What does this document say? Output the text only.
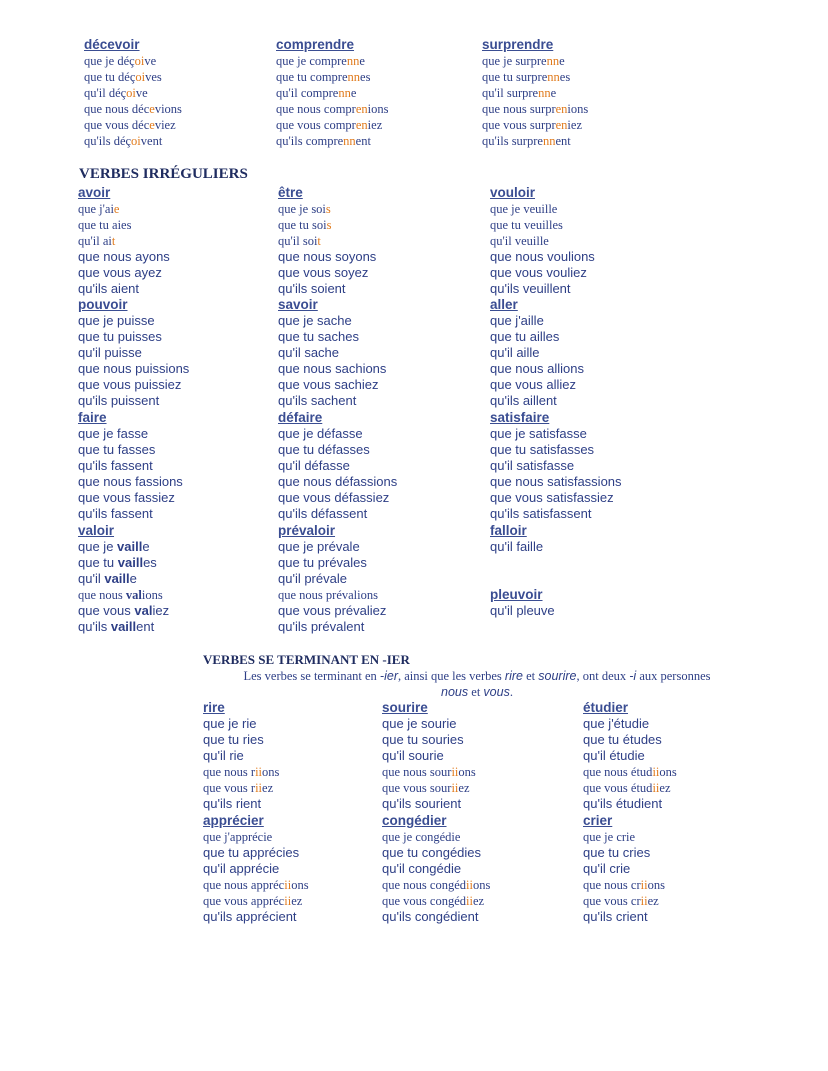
décevoir
que je déçoive
que tu déçoives
qu'il déçoive
que nous décevions
que vous déceviez
qu'ils déçoivent
comprendre
que je comprenne
que tu comprennes
qu'il comprenne
que nous comprenions
que vous compreniez
qu'ils comprennent
surprendre
que je surprenne
que tu surprennes
qu'il surprenne
que nous surprenions
que vous surpreniez
qu'ils surprennent
VERBES IRRÉGULIERS
avoir
que j'aie
que tu aies
qu'il ait
que nous ayons
que vous ayez
qu'ils aient
être
que je sois
que tu sois
qu'il soit
que nous soyons
que vous soyez
qu'ils soient
vouloir
que je veuille
que tu veuilles
qu'il veuille
que nous voulions
que vous vouliez
qu'ils veuillent
pouvoir
que je puisse
que tu puisses
qu'il puisse
que nous puissions
que vous puissiez
qu'ils puissent
savoir
que je sache
que tu saches
qu'il sache
que nous sachions
que vous sachiez
qu'ils sachent
aller
que j'aille
que tu ailles
qu'il aille
que nous allions
que vous alliez
qu'ils aillent
faire
que je fasse
que tu fasses
qu'ils fassent
que nous fassions
que vous fassiez
qu'ils fassent
défaire
que je défasse
que tu défasses
qu'il défasse
que nous défassions
que vous défassiez
qu'ils défassent
satisfaire
que je satisfasse
que tu satisfasses
qu'il satisfasse
que nous satisfassions
que vous satisfassiez
qu'ils satisfassent
valoir
que je vaille
que tu vailles
qu'il vaille
que nous valions
que vous valiez
qu'ils vaillent
prévaloir
que je prévale
que tu prévales
qu'il prévale
que nous prévalions
que vous prévaliez
qu'ils prévalent
falloir
qu'il faille
pleuvoir
qu'il pleuve
VERBES SE TERMINANT EN -IER
Les verbes se terminant en -ier, ainsi que les verbes rire et sourire, ont deux -i aux personnes
nous et vous.
rire
que je rie
que tu ries
qu'il rie
que nous riions
que vous riiez
qu'ils rient
sourire
que je sourie
que tu souries
qu'il sourie
que nous souriions
que vous souriiez
qu'ils sourient
étudier
que j'étudie
que tu études
qu'il étudie
que nous étudiions
que vous étudiiez
qu'ils étudient
apprécier
que j'apprécie
que tu apprécies
qu'il apprécie
que nous appréciions
que vous appréciiez
qu'ils apprécient
congédier
que je congédie
que tu congédies
qu'il congédie
que nous congédiions
que vous congédiiez
qu'ils congédient
crier
que je crie
que tu cries
qu'il crie
que nous criions
que vous criiez
qu'ils crient
